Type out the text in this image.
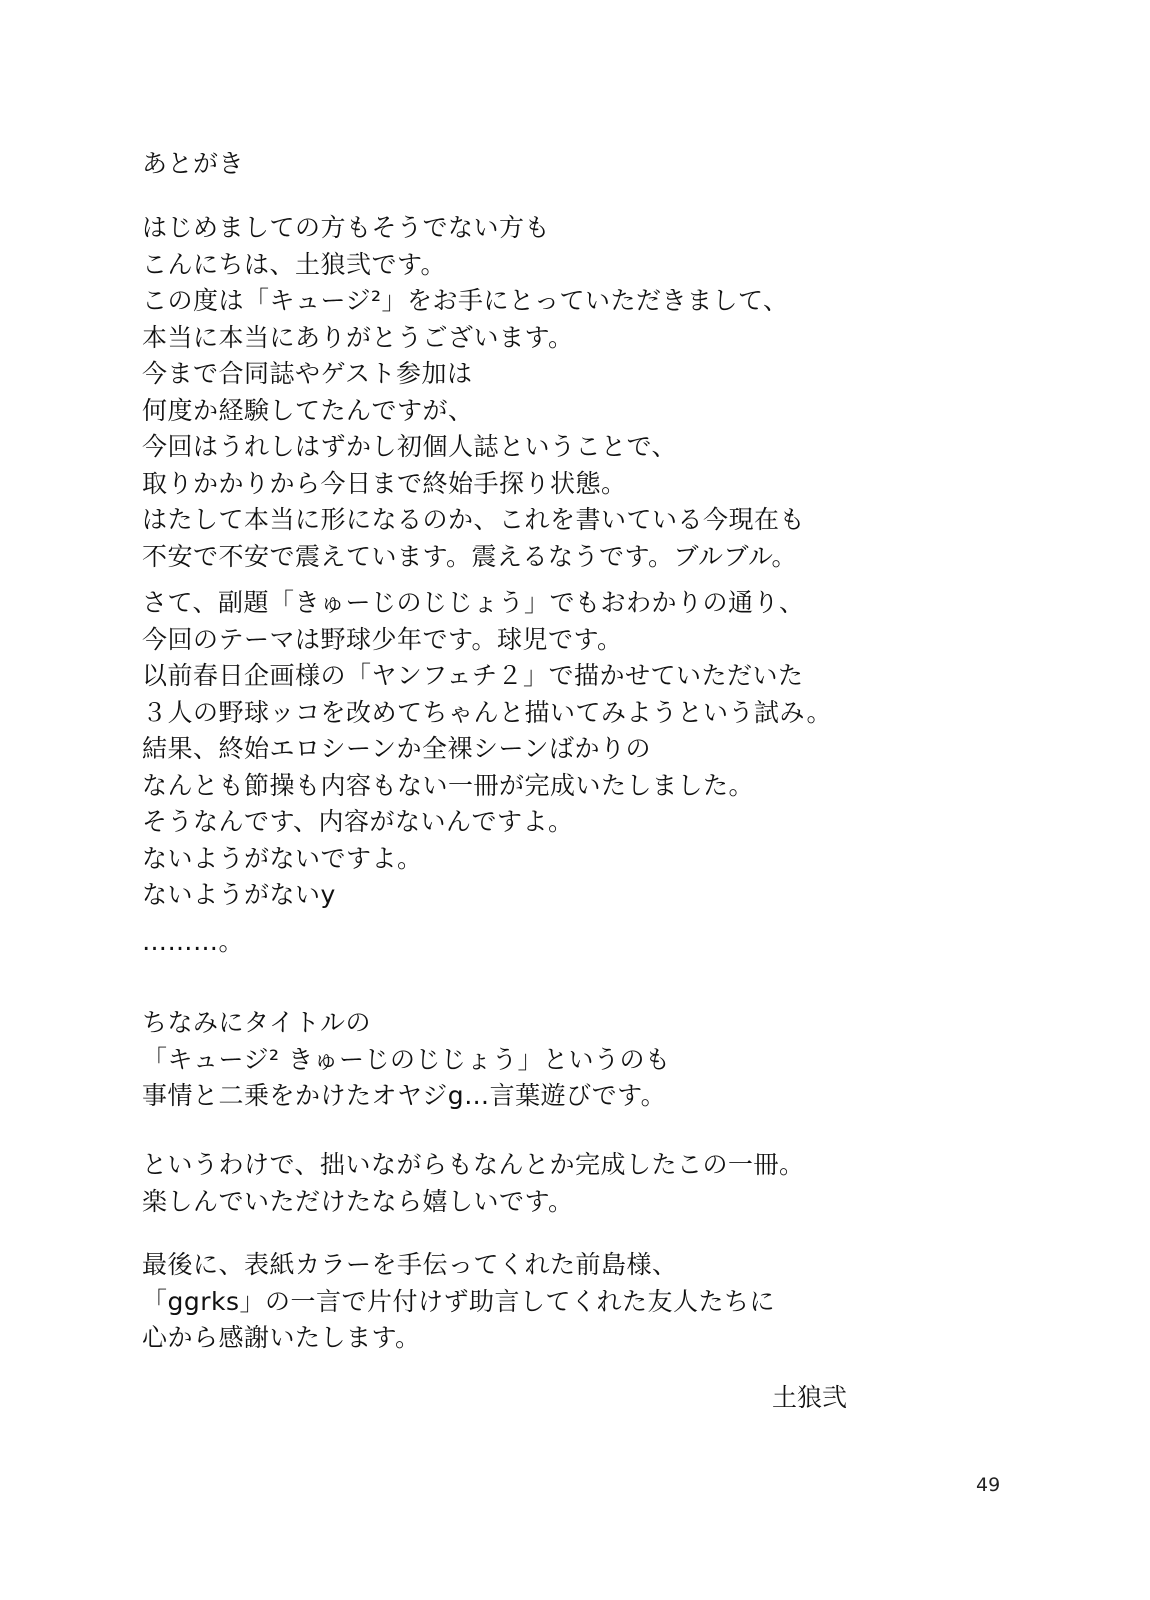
あとがき
はじめましての方もそうでない方も
こんにちは、土狼弐です。
この度は「キュージ²」をお手にとっていただきまして、
本当に本当にありがとうございます。
今まで合同誌やゲスト参加は
何度か経験してたんですが、
今回はうれしはずかし初個人誌ということで、
取りかかりから今日まで終始手探り状態。
はたして本当に形になるのか、これを書いている今現在も
不安で不安で震えています。震えるなうです。ブルブル。
さて、副題「きゅーじのじじょう」でもおわかりの通り、
今回のテーマは野球少年です。球児です。
以前春日企画様の「ヤンフェチ２」で描かせていただいた
３人の野球ッコを改めてちゃんと描いてみようという試み。
結果、終始エロシーンか全裸シーンばかりの
なんとも節操も内容もない一冊が完成いたしました。
そうなんです、内容がないんですよ。
ないようがないですよ。
ないようがないy
………。
ちなみにタイトルの
「キュージ² きゅーじのじじょう」というのも
事情と二乗をかけたオヤジg…言葉遊びです。
というわけで、拙いながらもなんとか完成したこの一冊。
楽しんでいただけたなら嬉しいです。
最後に、表紙カラーを手伝ってくれた前島様、
「ggrks」の一言で片付けず助言してくれた友人たちに
心から感謝いたします。
土狼弐
49
